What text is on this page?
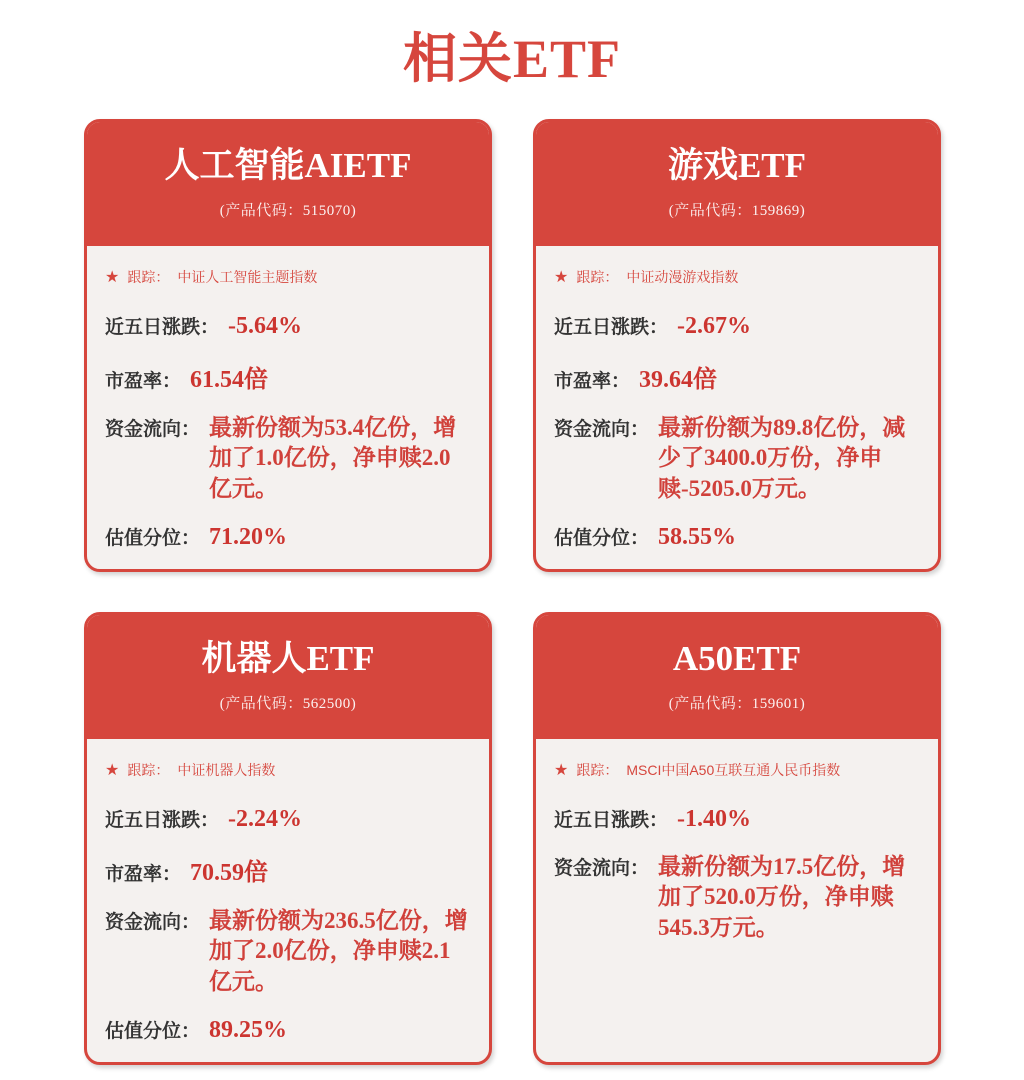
相关ETF
人工智能AIETF
(产品代码：515070)
★ 跟踪： 中证人工智能主题指数
近五日涨跌： -5.64%
市盈率： 61.54倍
资金流向： 最新份额为53.4亿份，增加了1.0亿份，净申赎2.0亿元。
估值分位： 71.20%
游戏ETF
(产品代码：159869)
★ 跟踪： 中证动漫游戏指数
近五日涨跌： -2.67%
市盈率： 39.64倍
资金流向： 最新份额为89.8亿份，减少了3400.0万份，净申赎-5205.0万元。
估值分位： 58.55%
机器人ETF
(产品代码：562500)
★ 跟踪： 中证机器人指数
近五日涨跌： -2.24%
市盈率： 70.59倍
资金流向： 最新份额为236.5亿份，增加了2.0亿份，净申赎2.1亿元。
估值分位： 89.25%
A50ETF
(产品代码：159601)
★ 跟踪： MSCI中国A50互联互通人民币指数
近五日涨跌： -1.40%
资金流向： 最新份额为17.5亿份，增加了520.0万份，净申赎545.3万元。
